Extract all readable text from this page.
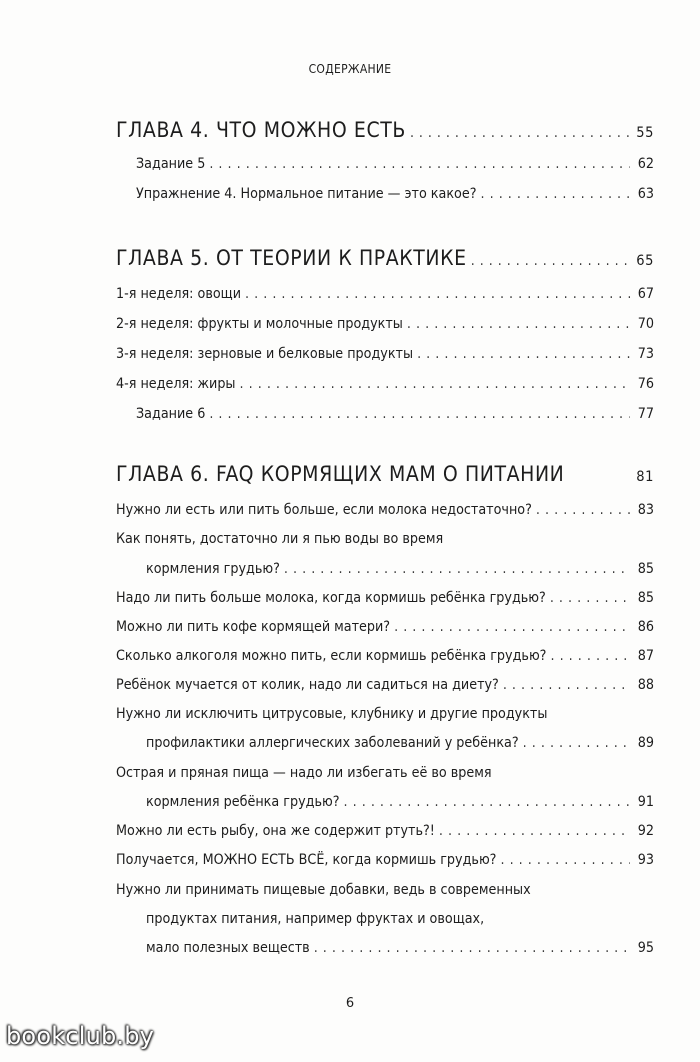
СОДЕРЖАНИЕ
ГЛАВА 4. ЧТО МОЖНО ЕСТЬ . . .	55
Задание 5 . . .	62
Упражнение 4. Нормальное питание — это какое? . . .	63
ГЛАВА 5. ОТ ТЕОРИИ К ПРАКТИКЕ . . .	65
1-я неделя: овощи . . .	67
2-я неделя: фрукты и молочные продукты . . .	70
3-я неделя: зерновые и белковые продукты . . .	73
4-я неделя: жиры . . .	76
Задание 6 . . .	77
ГЛАВА 6. FAQ КОРМЯЩИХ МАМ О ПИТАНИИ	81
Нужно ли есть или пить больше, если молока недостаточно? . . .	83
Как понять, достаточно ли я пью воды во время
кормления грудью? . . .	85
Надо ли пить больше молока, когда кормишь ребёнка грудью? . . .	85
Можно ли пить кофе кормящей матери? . . .	86
Сколько алкоголя можно пить, если кормишь ребёнка грудью? . . .	87
Ребёнок мучается от колик, надо ли садиться на диету? . . .	88
Нужно ли исключить цитрусовые, клубнику и другие продукты
профилактики аллергических заболеваний у ребёнка? . . .	89
Острая и пряная пища — надо ли избегать её во время
кормления ребёнка грудью? . . .	91
Можно ли есть рыбу, она же содержит ртуть?! . . .	92
Получается, МОЖНО ЕСТЬ ВСЁ, когда кормишь грудью? . . .	93
Нужно ли принимать пищевые добавки, ведь в современных
продуктах питания, например фруктах и овощах,
мало полезных веществ . . .	95
6
bookclub.by
